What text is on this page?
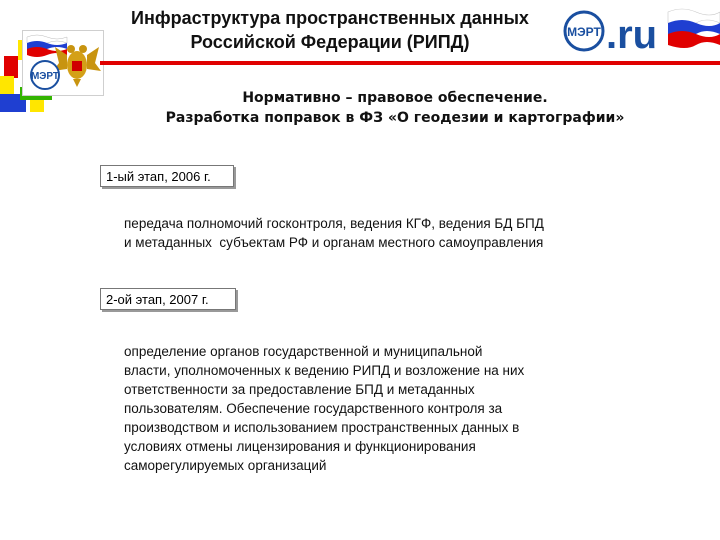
МЭРТ
Инфраструктура пространственных данных
Российской Федерации (РИПД)	МЭРТ .ru
Нормативно – правовое обеспечение.
Разработка поправок в ФЗ «О геодезии и картографии»
1-ый этап, 2006 г.
передача полномочий госконтроля, ведения КГФ, ведения БД БПД
и метаданных  субъектам РФ и органам местного самоуправления
2-ой этап, 2007 г.
определение органов государственной и муниципальной
власти, уполномоченных к ведению РИПД и возложение на них
ответственности за предоставление БПД и метаданных
пользователям. Обеспечение государственного контроля за
производством и использованием пространственных данных в
условиях отмены лицензирования и функционирования
саморегулируемых организаций
